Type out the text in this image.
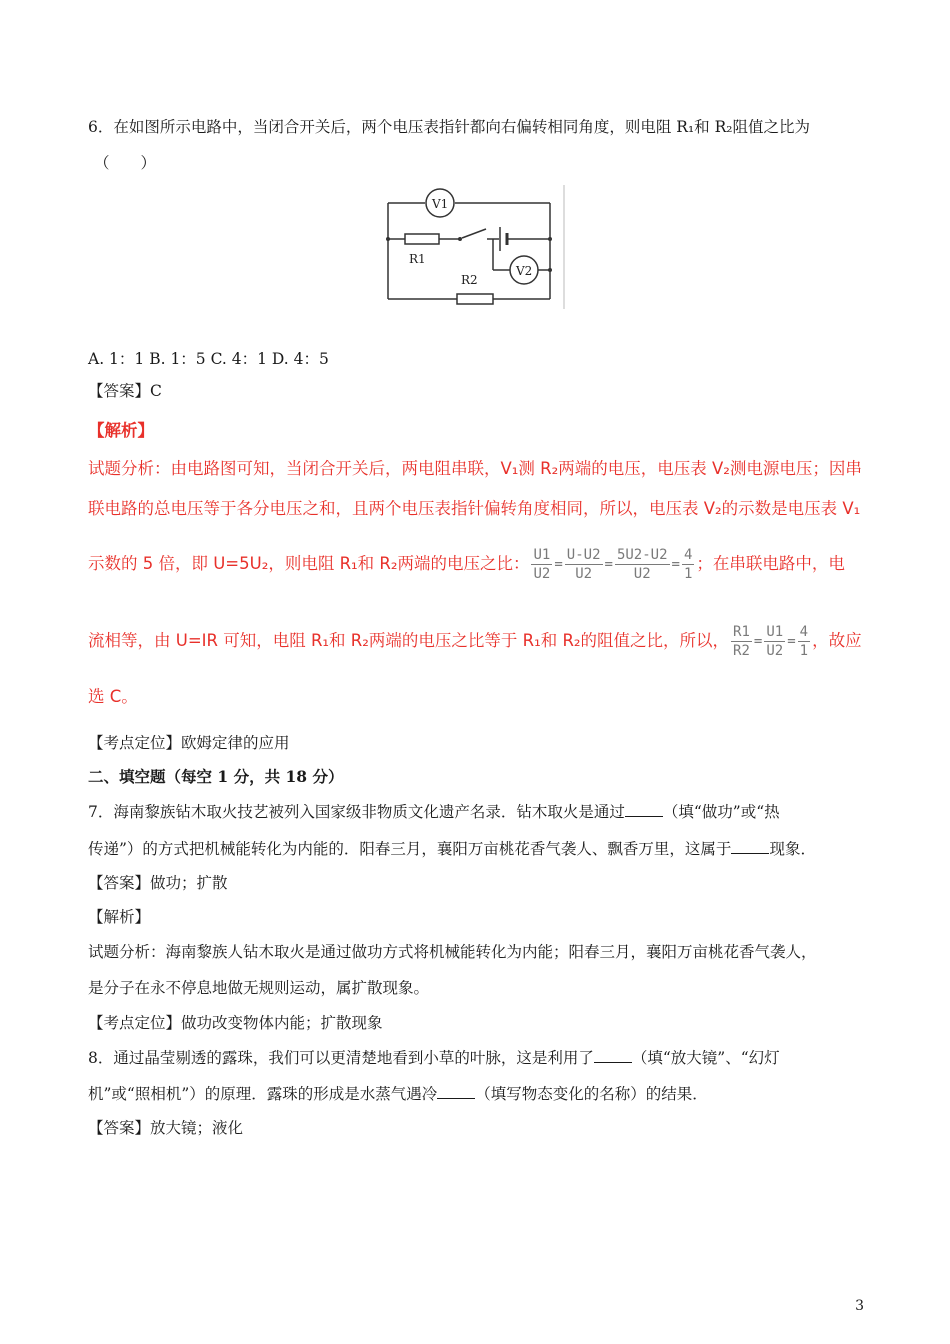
6．在如图所示电路中，当闭合开关后，两个电压表指针都向右偏转相同角度，则电阻 R₁和 R₂阻值之比为
（　　）
V1
R1
V2
R2
A. 1：1 B. 1：5 C. 4：1 D. 4：5
【答案】C
【解析】
试题分析：由电路图可知，当闭合开关后，两电阻串联，V₁测 R₂两端的电压，电压表 V₂测电源电压；因串
联电路的总电压等于各分电压之和，且两个电压表指针偏转角度相同，所以，电压表 V₂的示数是电压表 V₁
示数的 5 倍，即 U=5U₂，则电阻 R₁和 R₂两端的电压之比： $\frac{U1}{U2} = \frac{U-U2}{U2} = \frac{5U2-U2}{U2} = \frac{4}{1}$ ；在串联电路中，电
流相等，由 U=IR 可知，电阻 R₁和 R₂两端的电压之比等于 R₁和 R₂的阻值之比，所以， $\frac{R1}{R2} = \frac{U1}{U2} = \frac{4}{1}$ ，故应
选 C。
【考点定位】欧姆定律的应用
二、填空题（每空 1 分，共 18 分）
7．海南黎族钻木取火技艺被列入国家级非物质文化遗产名录．钻木取火是通过 （填“做功”或“热
传递”）的方式把机械能转化为内能的．阳春三月，襄阳万亩桃花香气袭人、飘香万里，这属于 现象．
【答案】做功；扩散
【解析】
试题分析：海南黎族人钻木取火是通过做功方式将机械能转化为内能；阳春三月，襄阳万亩桃花香气袭人，
是分子在永不停息地做无规则运动，属扩散现象。
【考点定位】做功改变物体内能；扩散现象
8．通过晶莹剔透的露珠，我们可以更清楚地看到小草的叶脉，这是利用了 （填“放大镜”、“幻灯
机”或“照相机”）的原理．露珠的形成是水蒸气遇冷 （填写物态变化的名称）的结果．
【答案】放大镜；液化
3
